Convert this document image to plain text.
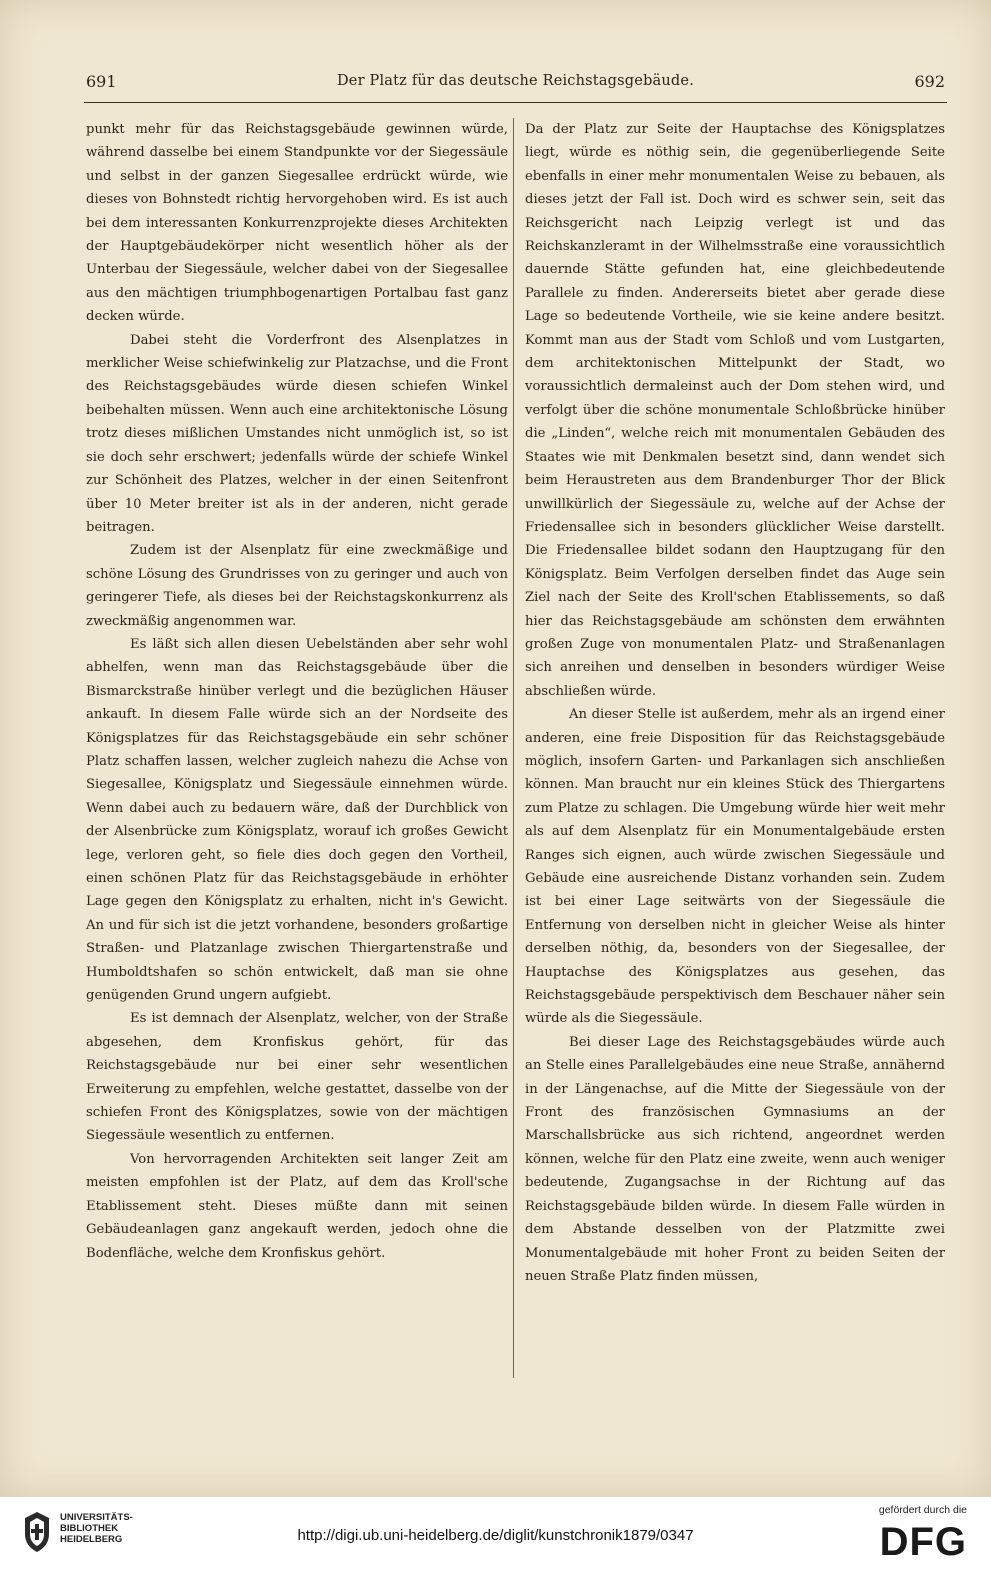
691	Der Platz für das deutsche Reichstagsgebäude.	692

punkt mehr für das Reichstagsgebäude gewinnen würde, während dasselbe bei einem Standpunkte vor der Siegessäule und selbst in der ganzen Siegesallee erdrückt würde, wie dieses von Bohnstedt richtig hervorgehoben wird. Es ist auch bei dem interessanten Konkurrenzprojekte dieses Architekten der Hauptgebäudekörper nicht wesentlich höher als der Unterbau der Siegessäule, welcher dabei von der Siegesallee aus den mächtigen triumphbogenartigen Portalbau fast ganz decken würde.

Dabei steht die Vorderfront des Alsenplatzes in merklicher Weise schiefwinkelig zur Platzachse, und die Front des Reichstagsgebäudes würde diesen schiefen Winkel beibehalten müssen. Wenn auch eine architektonische Lösung trotz dieses mißlichen Umstandes nicht unmöglich ist, so ist sie doch sehr erschwert; jedenfalls würde der schiefe Winkel zur Schönheit des Platzes, welcher in der einen Seitenfront über 10 Meter breiter ist als in der anderen, nicht gerade beitragen.

Zudem ist der Alsenplatz für eine zweckmäßige und schöne Lösung des Grundrisses von zu geringer und auch von geringerer Tiefe, als dieses bei der Reichstagskonkurrenz als zweckmäßig angenommen war.

Es läßt sich allen diesen Uebelständen aber sehr wohl abhelfen, wenn man das Reichstagsgebäude über die Bismarckstraße hinüber verlegt und die bezüglichen Häuser ankauft. In diesem Falle würde sich an der Nordseite des Königsplatzes für das Reichstagsgebäude ein sehr schöner Platz schaffen lassen, welcher zugleich nahezu die Achse von Siegesallee, Königsplatz und Siegessäule einnehmen würde. Wenn dabei auch zu bedauern wäre, daß der Durchblick von der Alsenbrücke zum Königsplatz, worauf ich großes Gewicht lege, verloren geht, so fiele dies doch gegen den Vortheil, einen schönen Platz für das Reichstagsgebäude in erhöhter Lage gegen den Königsplatz zu erhalten, nicht in's Gewicht. An und für sich ist die jetzt vorhandene, besonders großartige Straßen- und Platzanlage zwischen Thiergartenstraße und Humboldtshafen so schön entwickelt, daß man sie ohne genügenden Grund ungern aufgiebt.

Es ist demnach der Alsenplatz, welcher, von der Straße abgesehen, dem Kronfiskus gehört, für das Reichstagsgebäude nur bei einer sehr wesentlichen Erweiterung zu empfehlen, welche gestattet, dasselbe von der schiefen Front des Königsplatzes, sowie von der mächtigen Siegessäule wesentlich zu entfernen.

Von hervorragenden Architekten seit langer Zeit am meisten empfohlen ist der Platz, auf dem das Kroll'sche Etablissement steht. Dieses müßte dann mit seinen Gebäudeanlagen ganz angekauft werden, jedoch ohne die Bodenfläche, welche dem Kronfiskus gehört.

Da der Platz zur Seite der Hauptachse des Königsplatzes liegt, würde es nöthig sein, die gegenüberliegende Seite ebenfalls in einer mehr monumentalen Weise zu bebauen, als dieses jetzt der Fall ist. Doch wird es schwer sein, seit das Reichsgericht nach Leipzig verlegt ist und das Reichskanzleramt in der Wilhelmsstraße eine voraussichtlich dauernde Stätte gefunden hat, eine gleichbedeutende Parallele zu finden. Andererseits bietet aber gerade diese Lage so bedeutende Vortheile, wie sie keine andere besitzt. Kommt man aus der Stadt vom Schloß und vom Lustgarten, dem architektonischen Mittelpunkt der Stadt, wo voraussichtlich dermaleinst auch der Dom stehen wird, und verfolgt über die schöne monumentale Schloßbrücke hinüber die „Linden“, welche reich mit monumentalen Gebäuden des Staates wie mit Denkmalen besetzt sind, dann wendet sich beim Heraustreten aus dem Brandenburger Thor der Blick unwillkürlich der Siegessäule zu, welche auf der Achse der Friedensallee sich in besonders glücklicher Weise darstellt. Die Friedensallee bildet sodann den Hauptzugang für den Königsplatz. Beim Verfolgen derselben findet das Auge sein Ziel nach der Seite des Kroll'schen Etablissements, so daß hier das Reichstagsgebäude am schönsten dem erwähnten großen Zuge von monumentalen Platz- und Straßenanlagen sich anreihen und denselben in besonders würdiger Weise abschließen würde.

An dieser Stelle ist außerdem, mehr als an irgend einer anderen, eine freie Disposition für das Reichstagsgebäude möglich, insofern Garten- und Parkanlagen sich anschließen können. Man braucht nur ein kleines Stück des Thiergartens zum Platze zu schlagen. Die Umgebung würde hier weit mehr als auf dem Alsenplatz für ein Monumentalgebäude ersten Ranges sich eignen, auch würde zwischen Siegessäule und Gebäude eine ausreichende Distanz vorhanden sein. Zudem ist bei einer Lage seitwärts von der Siegessäule die Entfernung von derselben nicht in gleicher Weise als hinter derselben nöthig, da, besonders von der Siegesallee, der Hauptachse des Königsplatzes aus gesehen, das Reichstagsgebäude perspektivisch dem Beschauer näher sein würde als die Siegessäule.

Bei dieser Lage des Reichstagsgebäudes würde auch an Stelle eines Parallelgebäudes eine neue Straße, annähernd in der Längenachse, auf die Mitte der Siegessäule von der Front des französischen Gymnasiums an der Marschallsbrücke aus sich richtend, angeordnet werden können, welche für den Platz eine zweite, wenn auch weniger bedeutende, Zugangsachse in der Richtung auf das Reichstagsgebäude bilden würde. In diesem Falle würden in dem Abstande desselben von der Platzmitte zwei Monumentalgebäude mit hoher Front zu beiden Seiten der neuen Straße Platz finden müssen,

UNIVERSITÄTS-
BIBLIOTHEK
HEIDELBERG	http://digi.ub.uni-heidelberg.de/diglit/kunstchronik1879/0347
gefördert durch die
DFG
